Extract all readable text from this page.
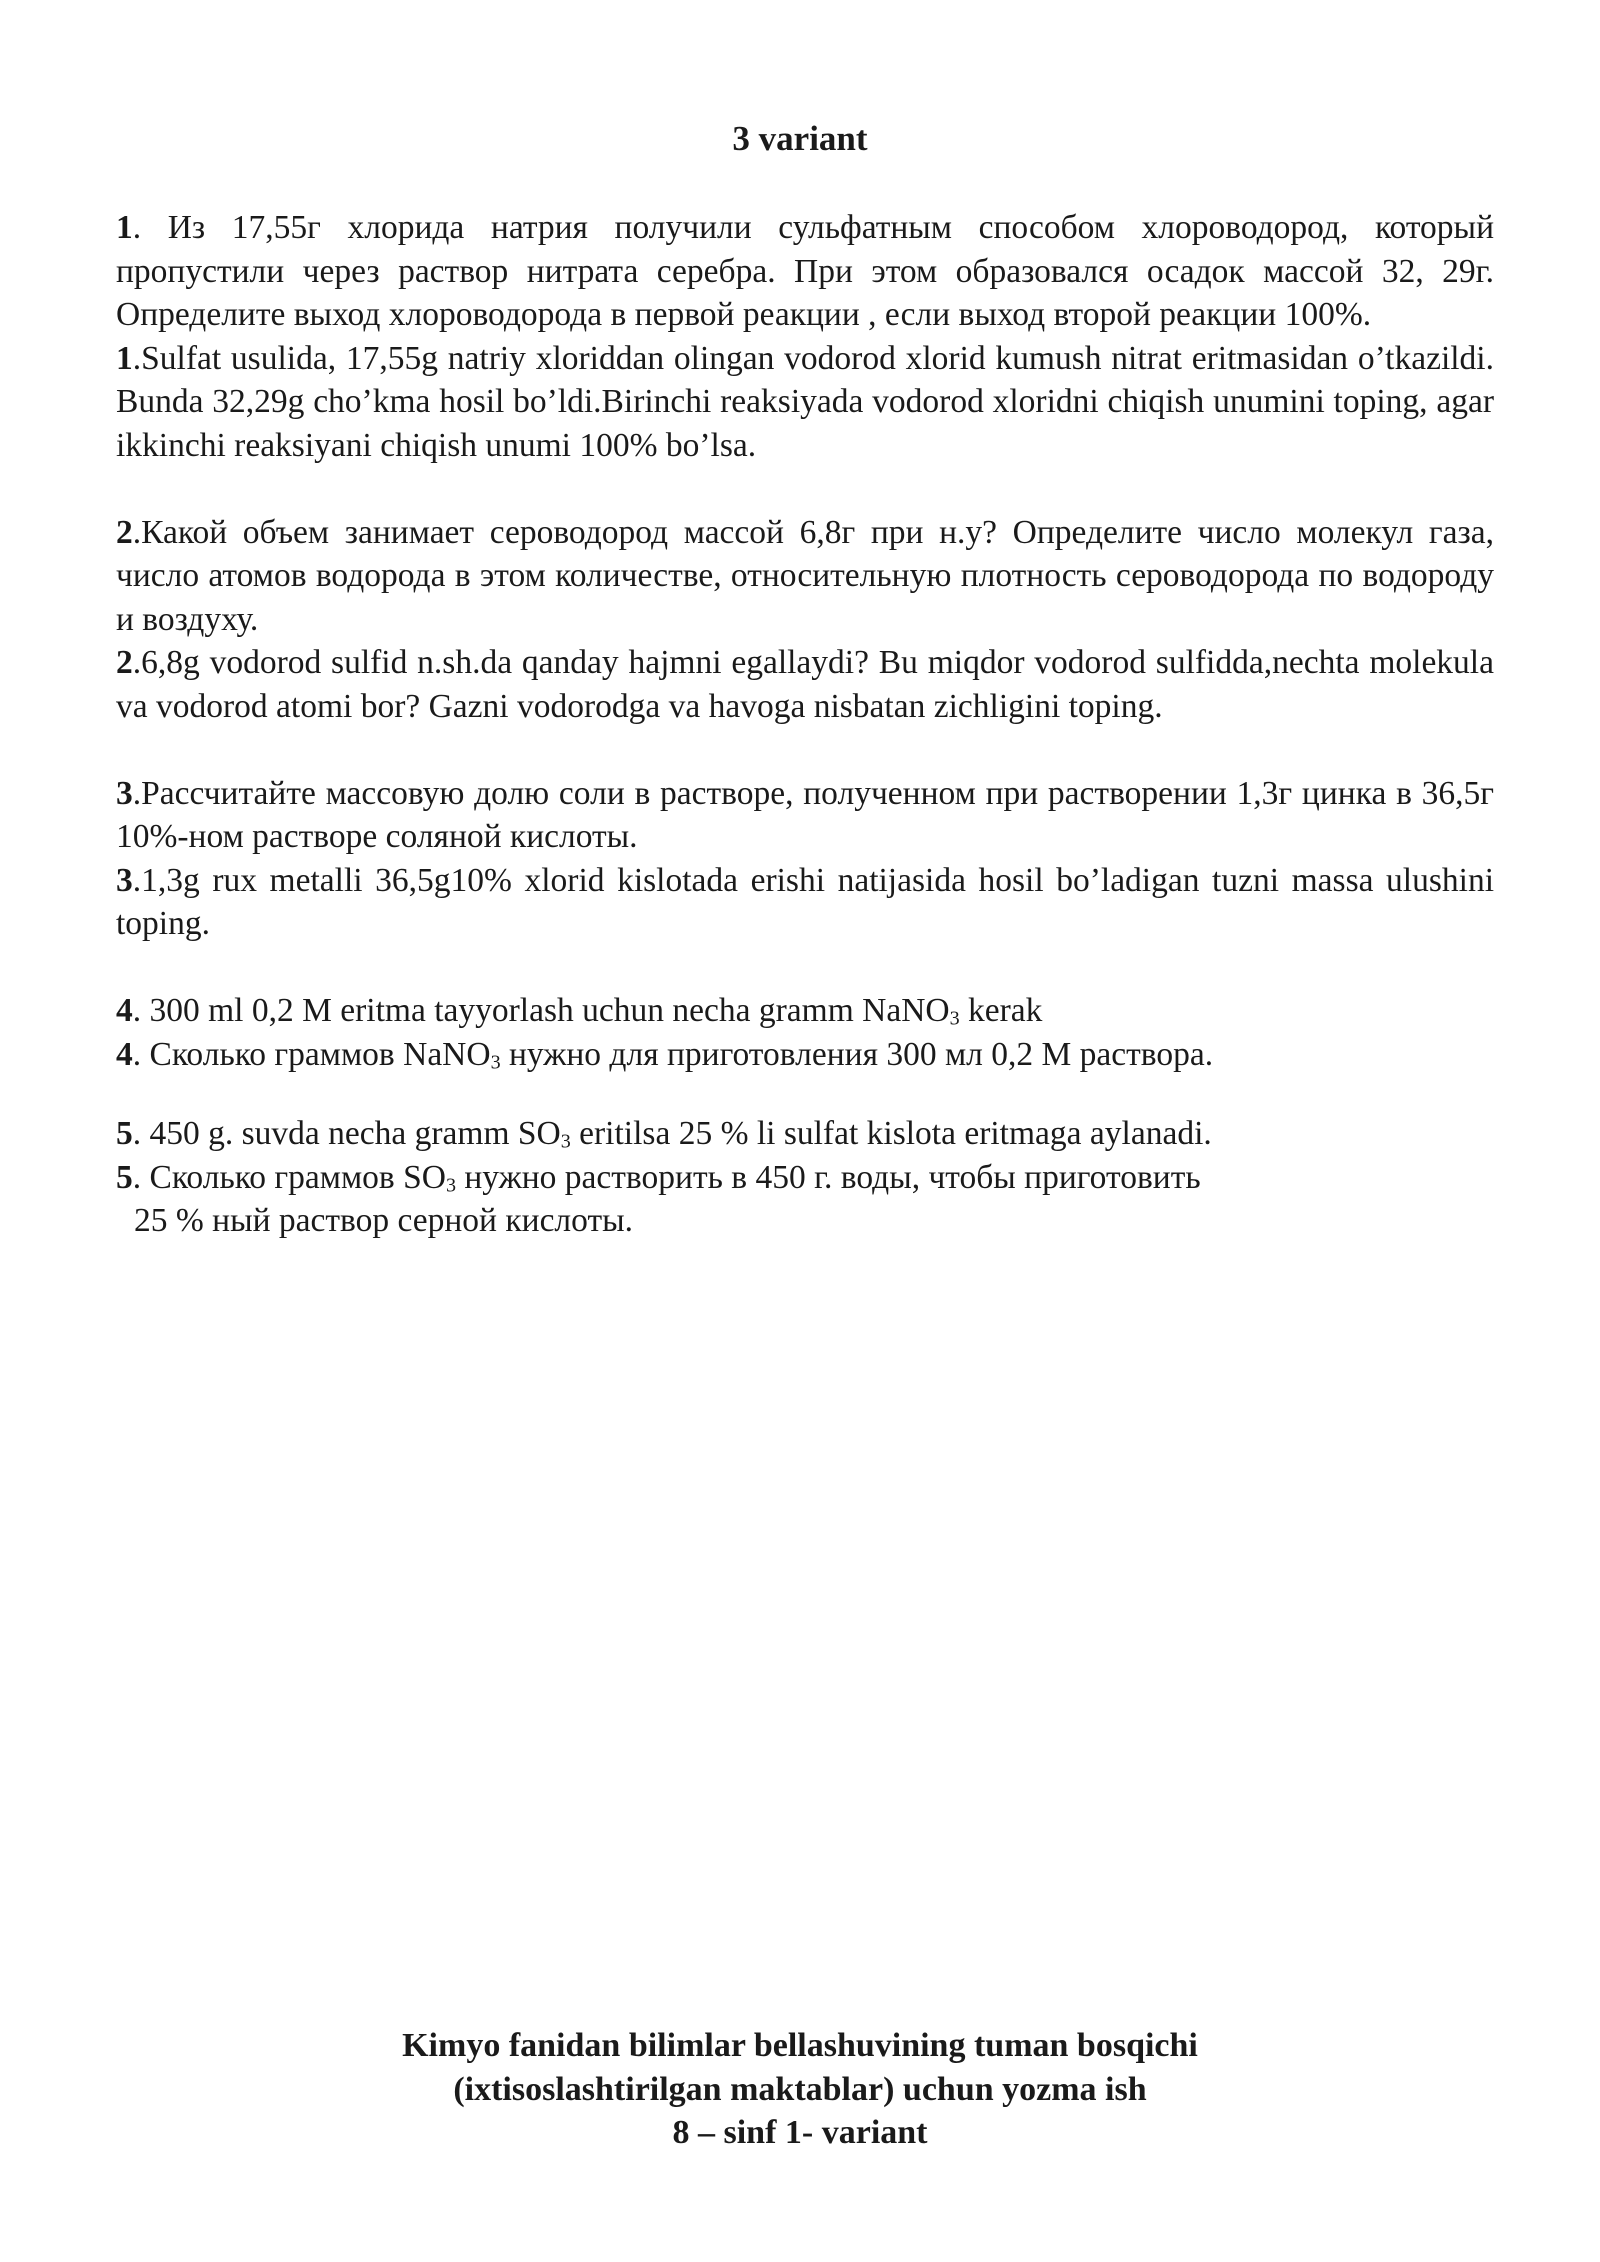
3 variant

1. Из 17,55г хлорида натрия получили сульфатным способом хлороводород, который пропустили через раствор нитрата серебра. При этом образовался осадок массой 32, 29г. Определите выход хлороводорода в первой реакции , если выход второй реакции 100%.

1.Sulfat usulida, 17,55g natriy xloriddan olingan vodorod xlorid kumush nitrat eritmasidan o’tkazildi. Bunda 32,29g cho’kma hosil bo’ldi.Birinchi reaksiyada vodorod xloridni chiqish unumini toping, agar ikkinchi reaksiyani chiqish unumi 100% bo’lsa.

2.Какой объем занимает сероводород массой 6,8г при н.у? Определите число молекул газа, число атомов водорода в этом количестве, относительную плотность сероводорода по водороду и воздуху.

2.6,8g vodorod sulfid n.sh.da qanday hajmni egallaydi? Bu miqdor vodorod sulfidda,nechta molekula va vodorod atomi bor? Gazni vodorodga va havoga nisbatan zichligini toping.

3.Рассчитайте массовую долю соли в растворе, полученном при растворении 1,3г цинка в 36,5г 10%-ном растворе соляной кислоты.

3.1,3g rux metalli 36,5g10% xlorid kislotada erishi natijasida hosil bo’ladigan tuzni massa ulushini toping.

4. 300 ml 0,2 M eritma tayyorlash uchun necha gramm NaNO$_3$ kerak

4. Сколько граммов NaNO$_3$ нужно для приготовления 300 мл 0,2 М раствора.

5. 450 g. suvda necha gramm $SO_3$ eritilsa 25 % li sulfat kislota eritmaga aylanadi.

5. Сколько граммов $SO_3$ нужно растворить в 450 г. воды, чтобы приготовить

25 % ный раствор серной кислоты.

Kimyo fanidan bilimlar bellashuvining tuman bosqichi
(ixtisoslashtirilgan maktablar) uchun yozma ish
8 – sinf 1- variant
